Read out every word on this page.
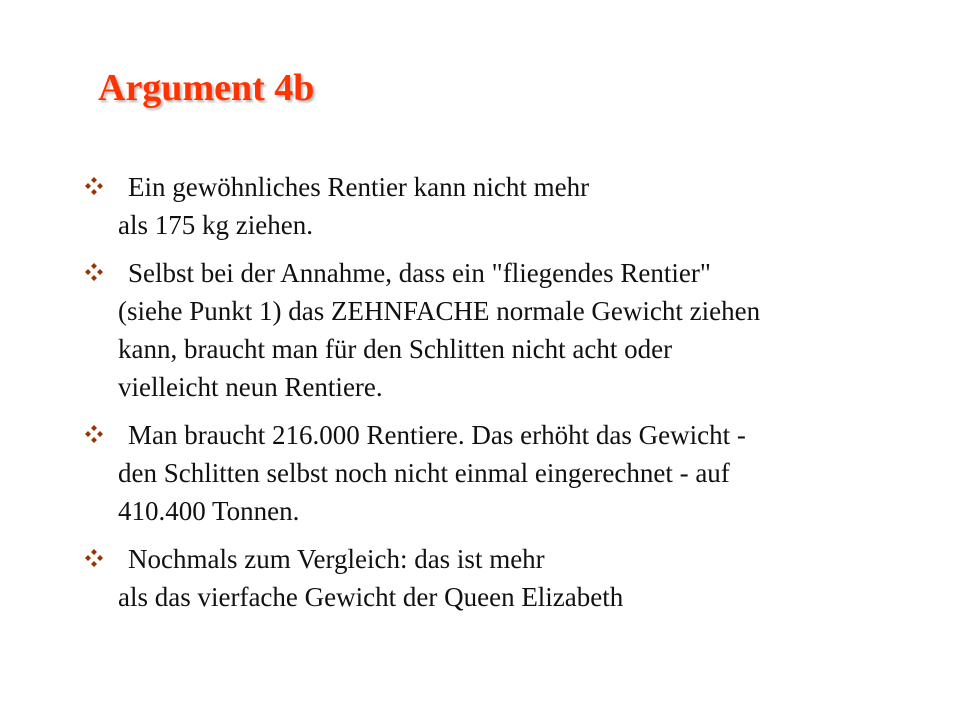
Argument 4b
Ein gewöhnliches Rentier kann nicht mehr
als 175 kg ziehen.
Selbst bei der Annahme, dass ein "fliegendes Rentier"
(siehe Punkt 1) das ZEHNFACHE normale Gewicht ziehen
kann, braucht man für den Schlitten nicht acht oder
vielleicht neun Rentiere.
Man braucht 216.000 Rentiere. Das erhöht das Gewicht -
den Schlitten selbst noch nicht einmal eingerechnet - auf
410.400 Tonnen.
Nochmals zum Vergleich: das ist mehr
als das vierfache Gewicht der Queen Elizabeth
